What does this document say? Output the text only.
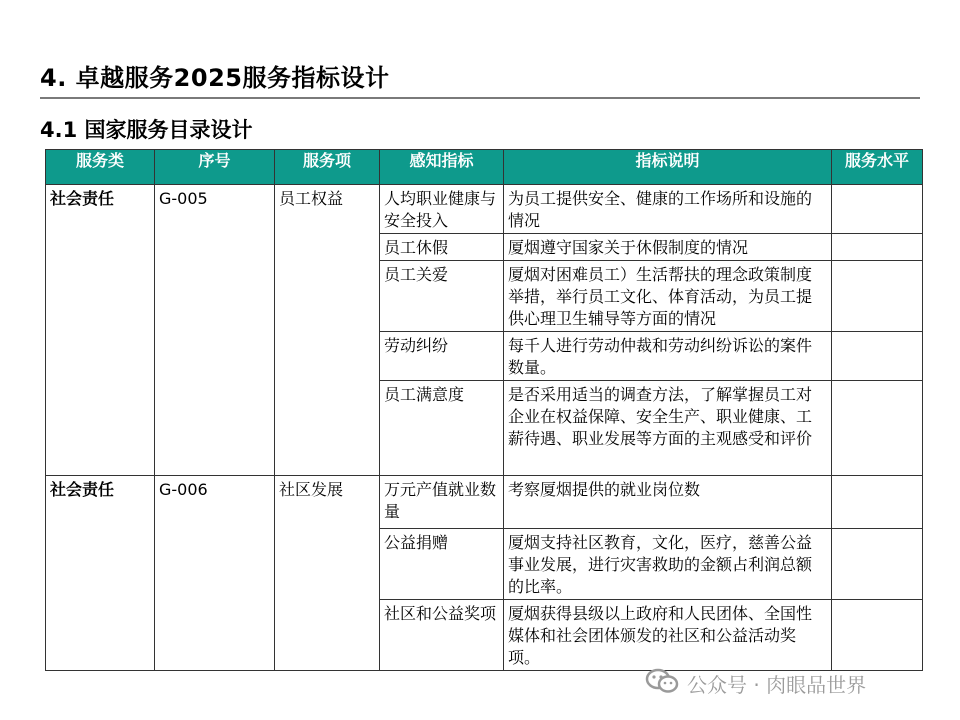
4. 卓越服务2025服务指标设计
4.1 国家服务目录设计
服务类	序号	服务项	感知指标	指标说明	服务水平
社会责任	G-005	员工权益	人均职业健康与安全投入	为员工提供安全、健康的工作场所和设施的情况	
			员工休假	厦烟遵守国家关于休假制度的情况	
			员工关爱	厦烟对困难员工）生活帮扶的理念政策制度举措，举行员工文化、体育活动，为员工提供心理卫生辅导等方面的情况	
			劳动纠纷	每千人进行劳动仲裁和劳动纠纷诉讼的案件数量。	
			员工满意度	是否采用适当的调查方法，了解掌握员工对企业在权益保障、安全生产、职业健康、工薪待遇、职业发展等方面的主观感受和评价	
社会责任	G-006	社区发展	万元产值就业数量	考察厦烟提供的就业岗位数	
			公益捐赠	厦烟支持社区教育，文化，医疗，慈善公益事业发展，进行灾害救助的金额占利润总额的比率。	
			社区和公益奖项	厦烟获得县级以上政府和人民团体、全国性媒体和社会团体颁发的社区和公益活动奖项。	
公众号 · 肉眼品世界
